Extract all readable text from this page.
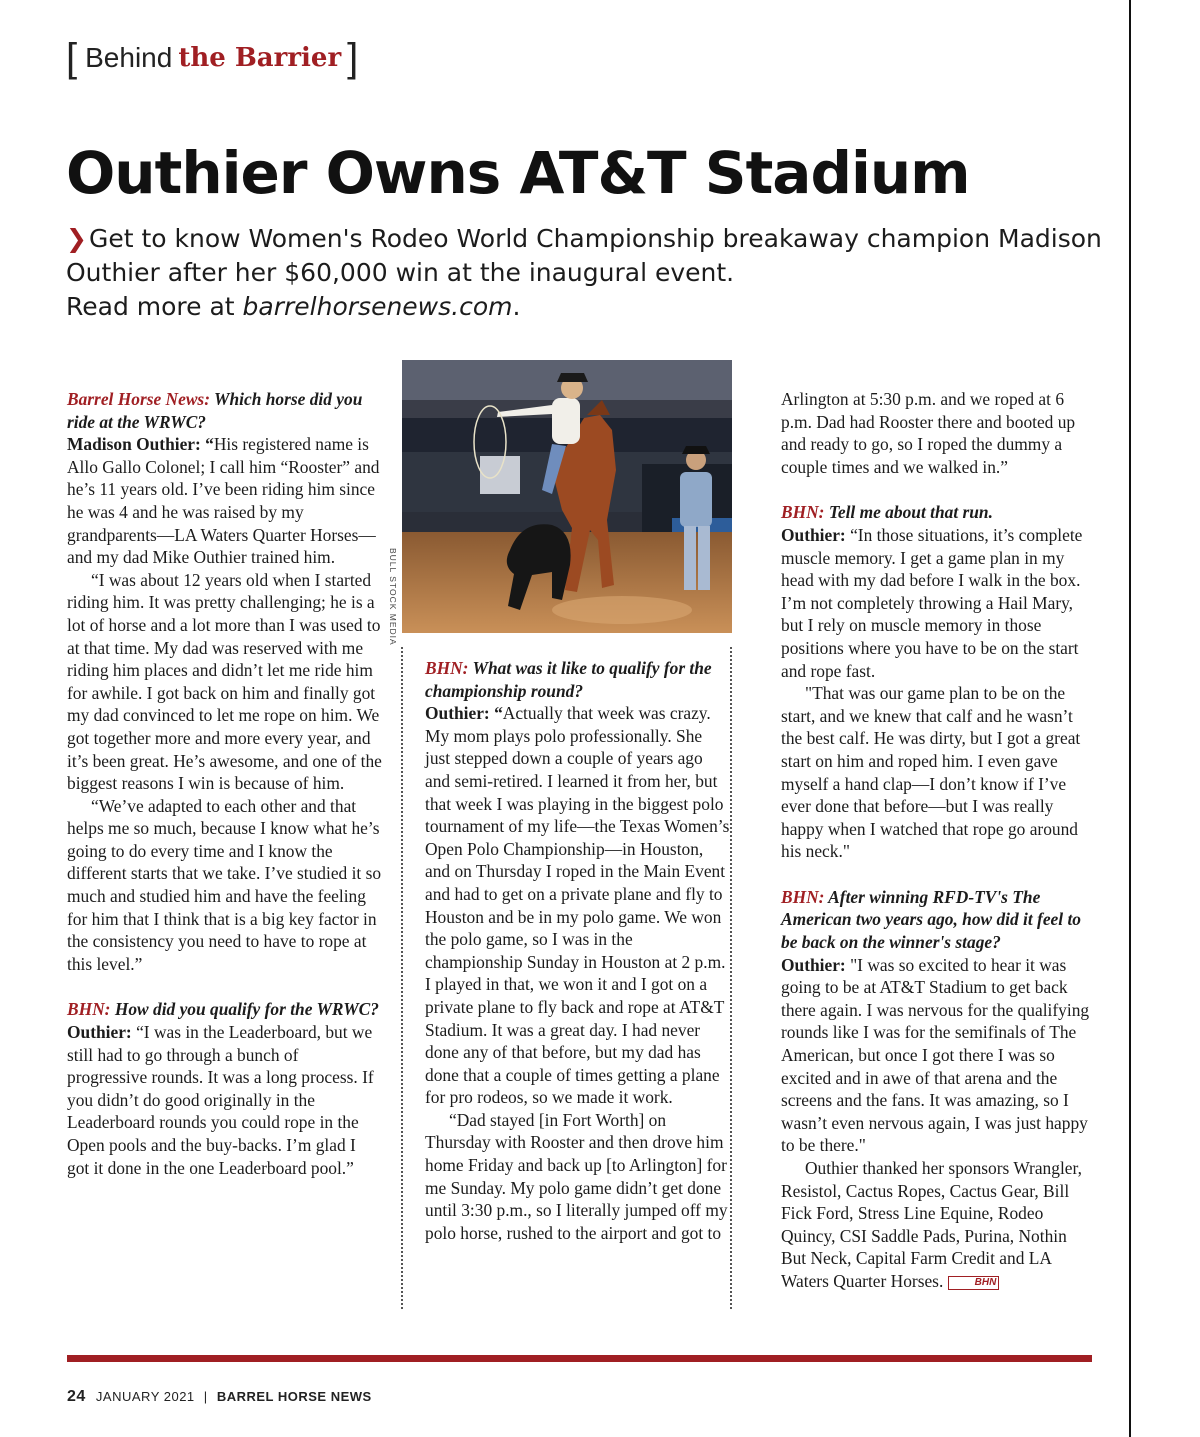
[ Behind the Barrier ]
Outhier Owns AT&T Stadium
❯Get to know Women's Rodeo World Championship breakaway champion Madison Outhier after her $60,000 win at the inaugural event.
Read more at barrelhorsenews.com.

Barrel Horse News: Which horse did you ride at the WRWC?

Madison Outhier: “His registered name is Allo Gallo Colonel; I call him “Rooster” and he’s 11 years old. I’ve been riding him since he was 4 and he was raised by my grandparents—LA Waters Quarter Horses— and my dad Mike Outhier trained him.

“I was about 12 years old when I started riding him. It was pretty challenging; he is a lot of horse and a lot more than I was used to at that time. My dad was reserved with me riding him places and didn’t let me ride him for awhile. I got back on him and finally got my dad convinced to let me rope on him. We got together more and more every year, and it’s been great. He’s awesome, and one of the biggest reasons I win is because of him.

“We’ve adapted to each other and that helps me so much, because I know what he’s going to do every time and I know the different starts that we take. I’ve studied it so much and studied him and have the feeling for him that I think that is a big key factor in the consistency you need to have to rope at this level.”

BHN: How did you qualify for the WRWC?

Outhier: “I was in the Leaderboard, but we still had to go through a bunch of progressive rounds. It was a long process. If you didn’t do good originally in the Leaderboard rounds you could rope in the Open pools and the buy-backs. I’m glad I got it done in the one Leaderboard pool.”

BULL STOCK MEDIA

BHN: What was it like to qualify for the championship round?

Outhier: “Actually that week was crazy. My mom plays polo professionally. She just stepped down a couple of years ago and semi-retired. I learned it from her, but that week I was playing in the biggest polo tournament of my life—the Texas Women’s Open Polo Championship—in Houston, and on Thursday I roped in the Main Event and had to get on a private plane and fly to Houston and be in my polo game. We won the polo game, so I was in the championship Sunday in Houston at 2 p.m. I played in that, we won it and I got on a private plane to fly back and rope at AT&T Stadium. It was a great day. I had never done any of that before, but my dad has done that a couple of times getting a plane for pro rodeos, so we made it work.

“Dad stayed [in Fort Worth] on Thursday with Rooster and then drove him home Friday and back up [to Arlington] for me Sunday. My polo game didn’t get done until 3:30 p.m., so I literally jumped off my polo horse, rushed to the airport and got to

Arlington at 5:30 p.m. and we roped at 6 p.m. Dad had Rooster there and booted up and ready to go, so I roped the dummy a couple times and we walked in.”

BHN: Tell me about that run.

Outhier: “In those situations, it’s complete muscle memory. I get a game plan in my head with my dad before I walk in the box. I’m not completely throwing a Hail Mary, but I rely on muscle memory in those positions where you have to be on the start and rope fast.

"That was our game plan to be on the start, and we knew that calf and he wasn’t the best calf. He was dirty, but I got a great start on him and roped him. I even gave myself a hand clap—I don’t know if I’ve ever done that before—but I was really happy when I watched that rope go around his neck."

BHN: After winning RFD-TV's The American two years ago, how did it feel to be back on the winner's stage?

Outhier: "I was so excited to hear it was going to be at AT&T Stadium to get back there again. I was nervous for the qualifying rounds like I was for the semifinals of The American, but once I got there I was so excited and in awe of that arena and the screens and the fans. It was amazing, so I wasn’t even nervous again, I was just happy to be there."

Outhier thanked her sponsors Wrangler, Resistol, Cactus Ropes, Cactus Gear, Bill Fick Ford, Stress Line Equine, Rodeo Quincy, CSI Saddle Pads, Purina, Nothin But Neck, Capital Farm Credit and LA Waters Quarter Horses.	BHN

24 JANUARY 2021 | BARREL HORSE NEWS
